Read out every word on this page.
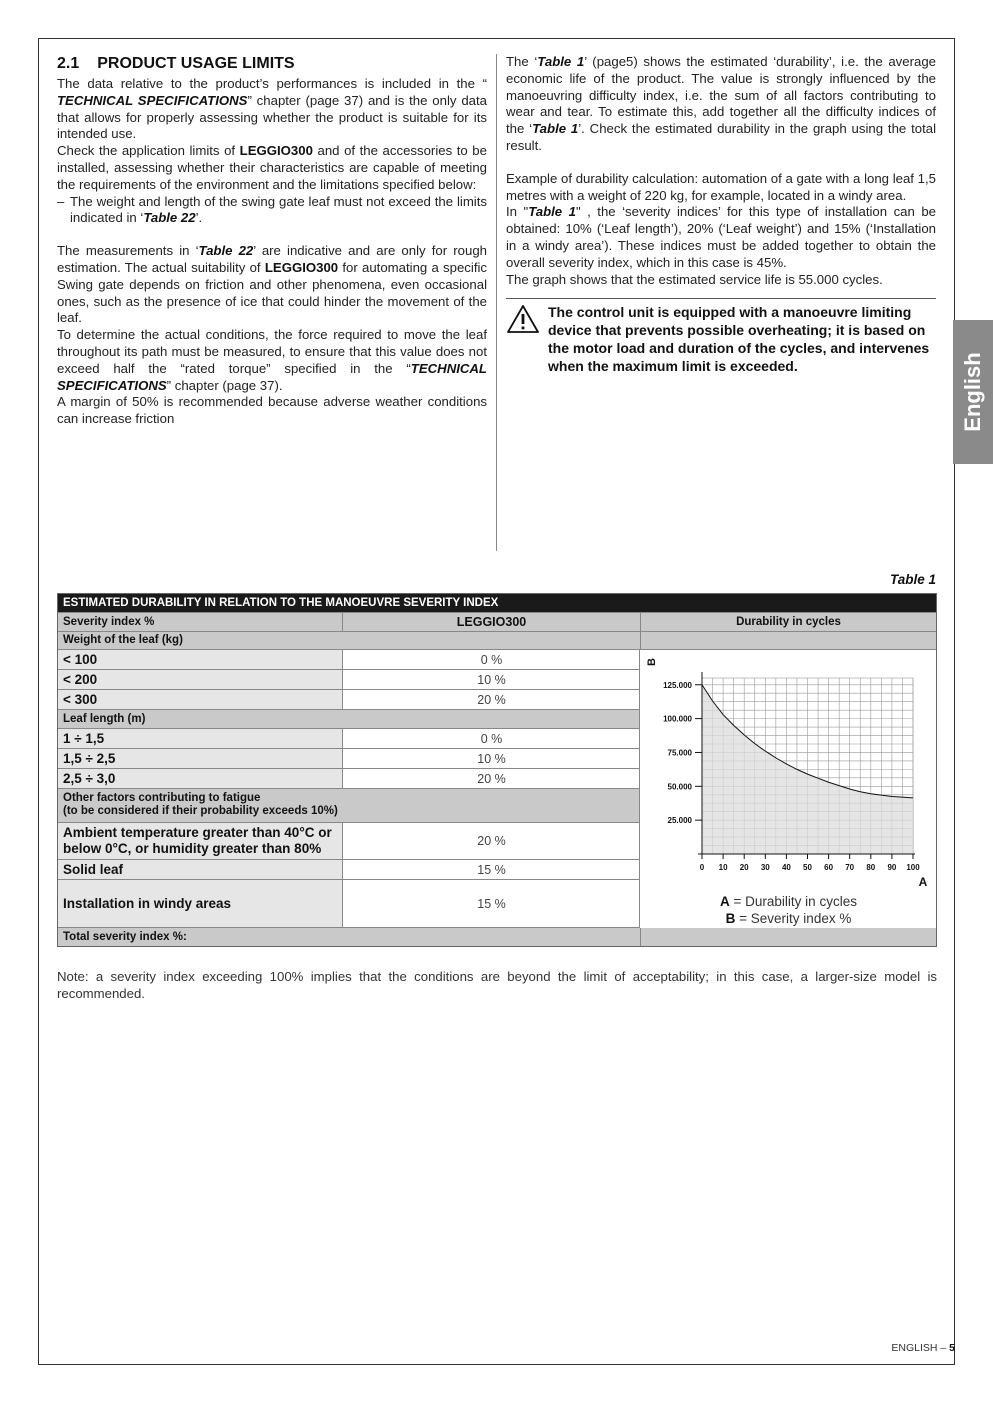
2.1 PRODUCT USAGE LIMITS

The data relative to the product’s performances is included in the “ TECHNICAL SPECIFICATIONS” chapter (page 37) and is the only data that allows for properly assessing whether the product is suitable for its intended use.

Check the application limits of LEGGIO300 and of the accessories to be installed, assessing whether their characteristics are capable of meeting the requirements of the environment and the limitations specified below:

– The weight and length of the swing gate leaf must not exceed the limits indicated in ‘Table 22’.

The measurements in ‘Table 22’ are indicative and are only for rough estimation. The actual suitability of LEGGIO300 for automating a specific Swing gate depends on friction and other phenomena, even occasional ones, such as the presence of ice that could hinder the movement of the leaf.

To determine the actual conditions, the force required to move the leaf throughout its path must be measured, to ensure that this value does not exceed half the “rated torque” specified in the “TECHNICAL SPECIFICATIONS” chapter (page 37).

A margin of 50% is recommended because adverse weather conditions can increase friction

The ‘Table 1’ (page5) shows the estimated ‘durability’, i.e. the average economic life of the product. The value is strongly influenced by the manoeuvring difficulty index, i.e. the sum of all factors contributing to wear and tear. To estimate this, add together all the difficulty indices of the ‘Table 1’. Check the estimated durability in the graph using the total result.

Example of durability calculation: automation of a gate with a long leaf 1,5 metres with a weight of 220 kg, for example, located in a windy area.

In "Table 1" , the ‘severity indices’ for this type of installation can be obtained: 10% (‘Leaf length’), 20% (‘Leaf weight’) and 15% (‘Installation in a windy area’). These indices must be added together to obtain the overall severity index, which in this case is 45%.

The graph shows that the estimated service life is 55.000 cycles.

The control unit is equipped with a manoeuvre limiting device that prevents possible overheating; it is based on the motor load and duration of the cycles, and intervenes when the maximum limit is exceeded.	English
Table 1
ESTIMATED DURABILITY IN RELATION TO THE MANOEUVRE SEVERITY INDEX
Severity index %	LEGGIO300	Durability in cycles
Weight of the leaf (kg)
< 100	0 %
< 200	10 %
< 300	20 %
Leaf length (m)
1 ÷ 1,5	0 %
1,5 ÷ 2,5	10 %
2,5 ÷ 3,0	20 %
Other factors contributing to fatigue
(to be considered if their probability exceeds 10%)
Ambient temperature greater than 40°C or
below 0°C, or humidity greater than 80%	20 %
Solid leaf	15 %
Installation in windy areas	15 %
Total severity index %:
25.000
50.000
75.000
100.000
125.000
0 10 20 30 40 50 60 70 80 90 100
B
A
A = Durability in cycles
B = Severity index %

Note: a severity index exceeding 100% implies that the conditions are beyond the limit of acceptability; in this case, a larger-size model is recommended.

ENGLISH – 5
